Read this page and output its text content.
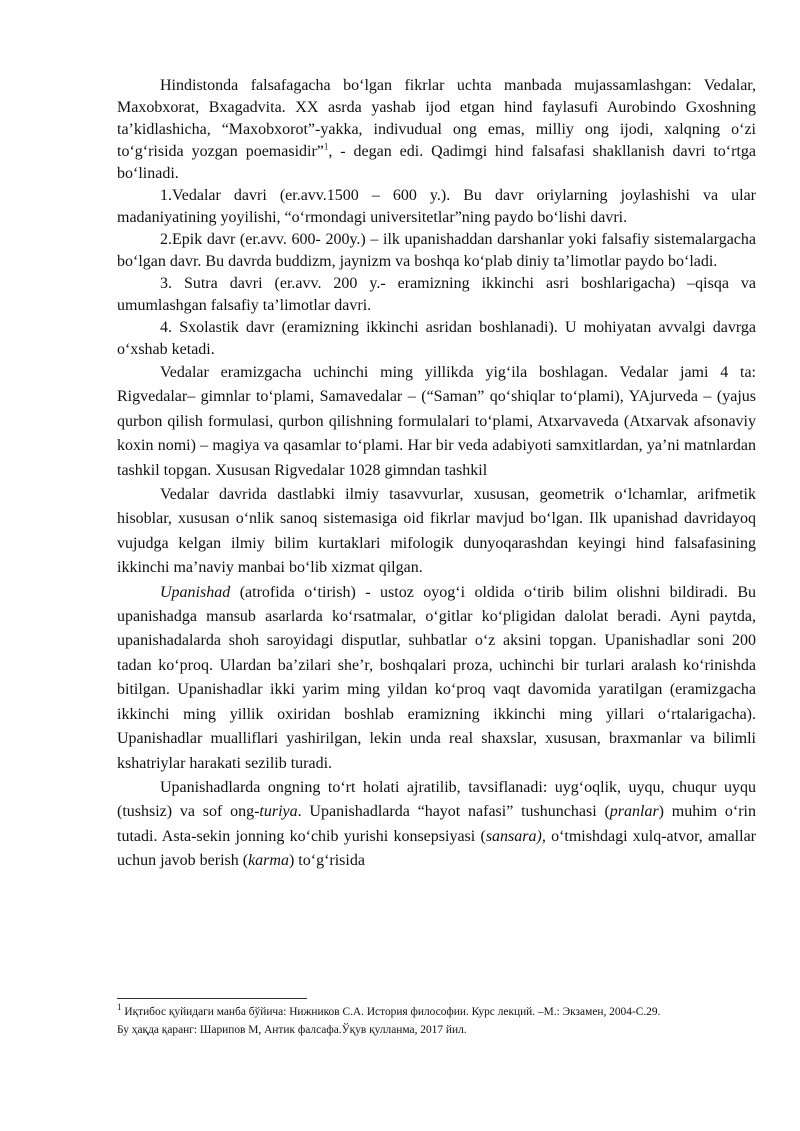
Hindistonda falsafagacha bo‘lgan fikrlar uchta manbada mujassamlashgan: Vedalar, Maxobxorat, Bxagadvita. XX asrda yashab ijod etgan hind faylasufi Aurobindo Gxoshning ta’kidlashicha, “Maxobxorot”-yakka, indivudual ong emas, milliy ong ijodi, xalqning o‘zi to‘g‘risida yozgan poemasidir”$^1$, - degan edi. Qadimgi hind falsafasi shakllanish davri to‘rtga bo‘linadi.

1.Vedalar davri (er.avv.1500 – 600 y.). Bu davr oriylarning joylashishi va ular madaniyatining yoyilishi, “o‘rmondagi universitetlar”ning paydo bo‘lishi davri.

2.Epik davr (er.avv. 600- 200y.) – ilk upanishaddan darshanlar yoki falsafiy sistemalargacha bo‘lgan davr. Bu davrda buddizm, jaynizm va boshqa ko‘plab diniy ta’limotlar paydo bo‘ladi.

3. Sutra davri (er.avv. 200 y.- eramizning ikkinchi asri boshlarigacha) –qisqa va umumlashgan falsafiy ta’limotlar davri.

4. Sxolastik davr (eramizning ikkinchi asridan boshlanadi). U mohiyatan avvalgi davrga o‘xshab ketadi.

Vedalar eramizgacha uchinchi ming yillikda yig‘ila boshlagan. Vedalar jami 4 ta: Rigvedalar– gimnlar to‘plami, Samavedalar – (“Saman” qo‘shiqlar to‘plami), YAjurveda – (yajus qurbon qilish formulasi, qurbon qilishning formulalari to‘plami, Atxarvaveda (Atxarvak afsonaviy koxin nomi) – magiya va qasamlar to‘plami. Har bir veda adabiyoti samxitlardan, ya’ni matnlardan tashkil topgan. Xususan Rigvedalar 1028 gimndan tashkil

Vedalar davrida dastlabki ilmiy tasavvurlar, xususan, geometrik o‘lchamlar, arifmetik hisoblar, xususan o‘nlik sanoq sistemasiga oid fikrlar mavjud bo‘lgan. Ilk upanishad davridayoq vujudga kelgan ilmiy bilim kurtaklari mifologik dunyoqarashdan keyingi hind falsafasining ikkinchi ma’naviy manbai bo‘lib xizmat qilgan.

Upanishad (atrofida o‘tirish) - ustoz oyog‘i oldida o‘tirib bilim olishni bildiradi. Bu upanishadga mansub asarlarda ko‘rsatmalar, o‘gitlar ko‘pligidan dalolat beradi. Ayni paytda, upanishadalarda shoh saroyidagi disputlar, suhbatlar o‘z aksini topgan. Upanishadlar soni 200 tadan ko‘proq. Ulardan ba’zilari she’r, boshqalari proza, uchinchi bir turlari aralash ko‘rinishda bitilgan. Upanishadlar ikki yarim ming yildan ko‘proq vaqt davomida yaratilgan (eramizgacha ikkinchi ming yillik oxiridan boshlab eramizning ikkinchi ming yillari o‘rtalarigacha). Upanishadlar mualliflari yashirilgan, lekin unda real shaxslar, xususan, braxmanlar va bilimli kshatriylar harakati sezilib turadi.

Upanishadlarda ongning to‘rt holati ajratilib, tavsiflanadi: uyg‘oqlik, uyqu, chuqur uyqu (tushsiz) va sof ong-turiya. Upanishadlarda “hayot nafasi” tushunchasi (pranlar) muhim o‘rin tutadi. Asta-sekin jonning ko‘chib yurishi konsepsiyasi (sansara), o‘tmishdagi xulq-atvor, amallar uchun javob berish (karma) to‘g‘risida

$^1$ Иқтибос қуйидаги манба бўйича: Нижников С.А. История философии. Курс лекций. –М.: Экзамен, 2004-С.29.

Бу ҳақда қаранг: Шарипов М, Антик фалсафа.Ўқув қулланма, 2017 йил.
